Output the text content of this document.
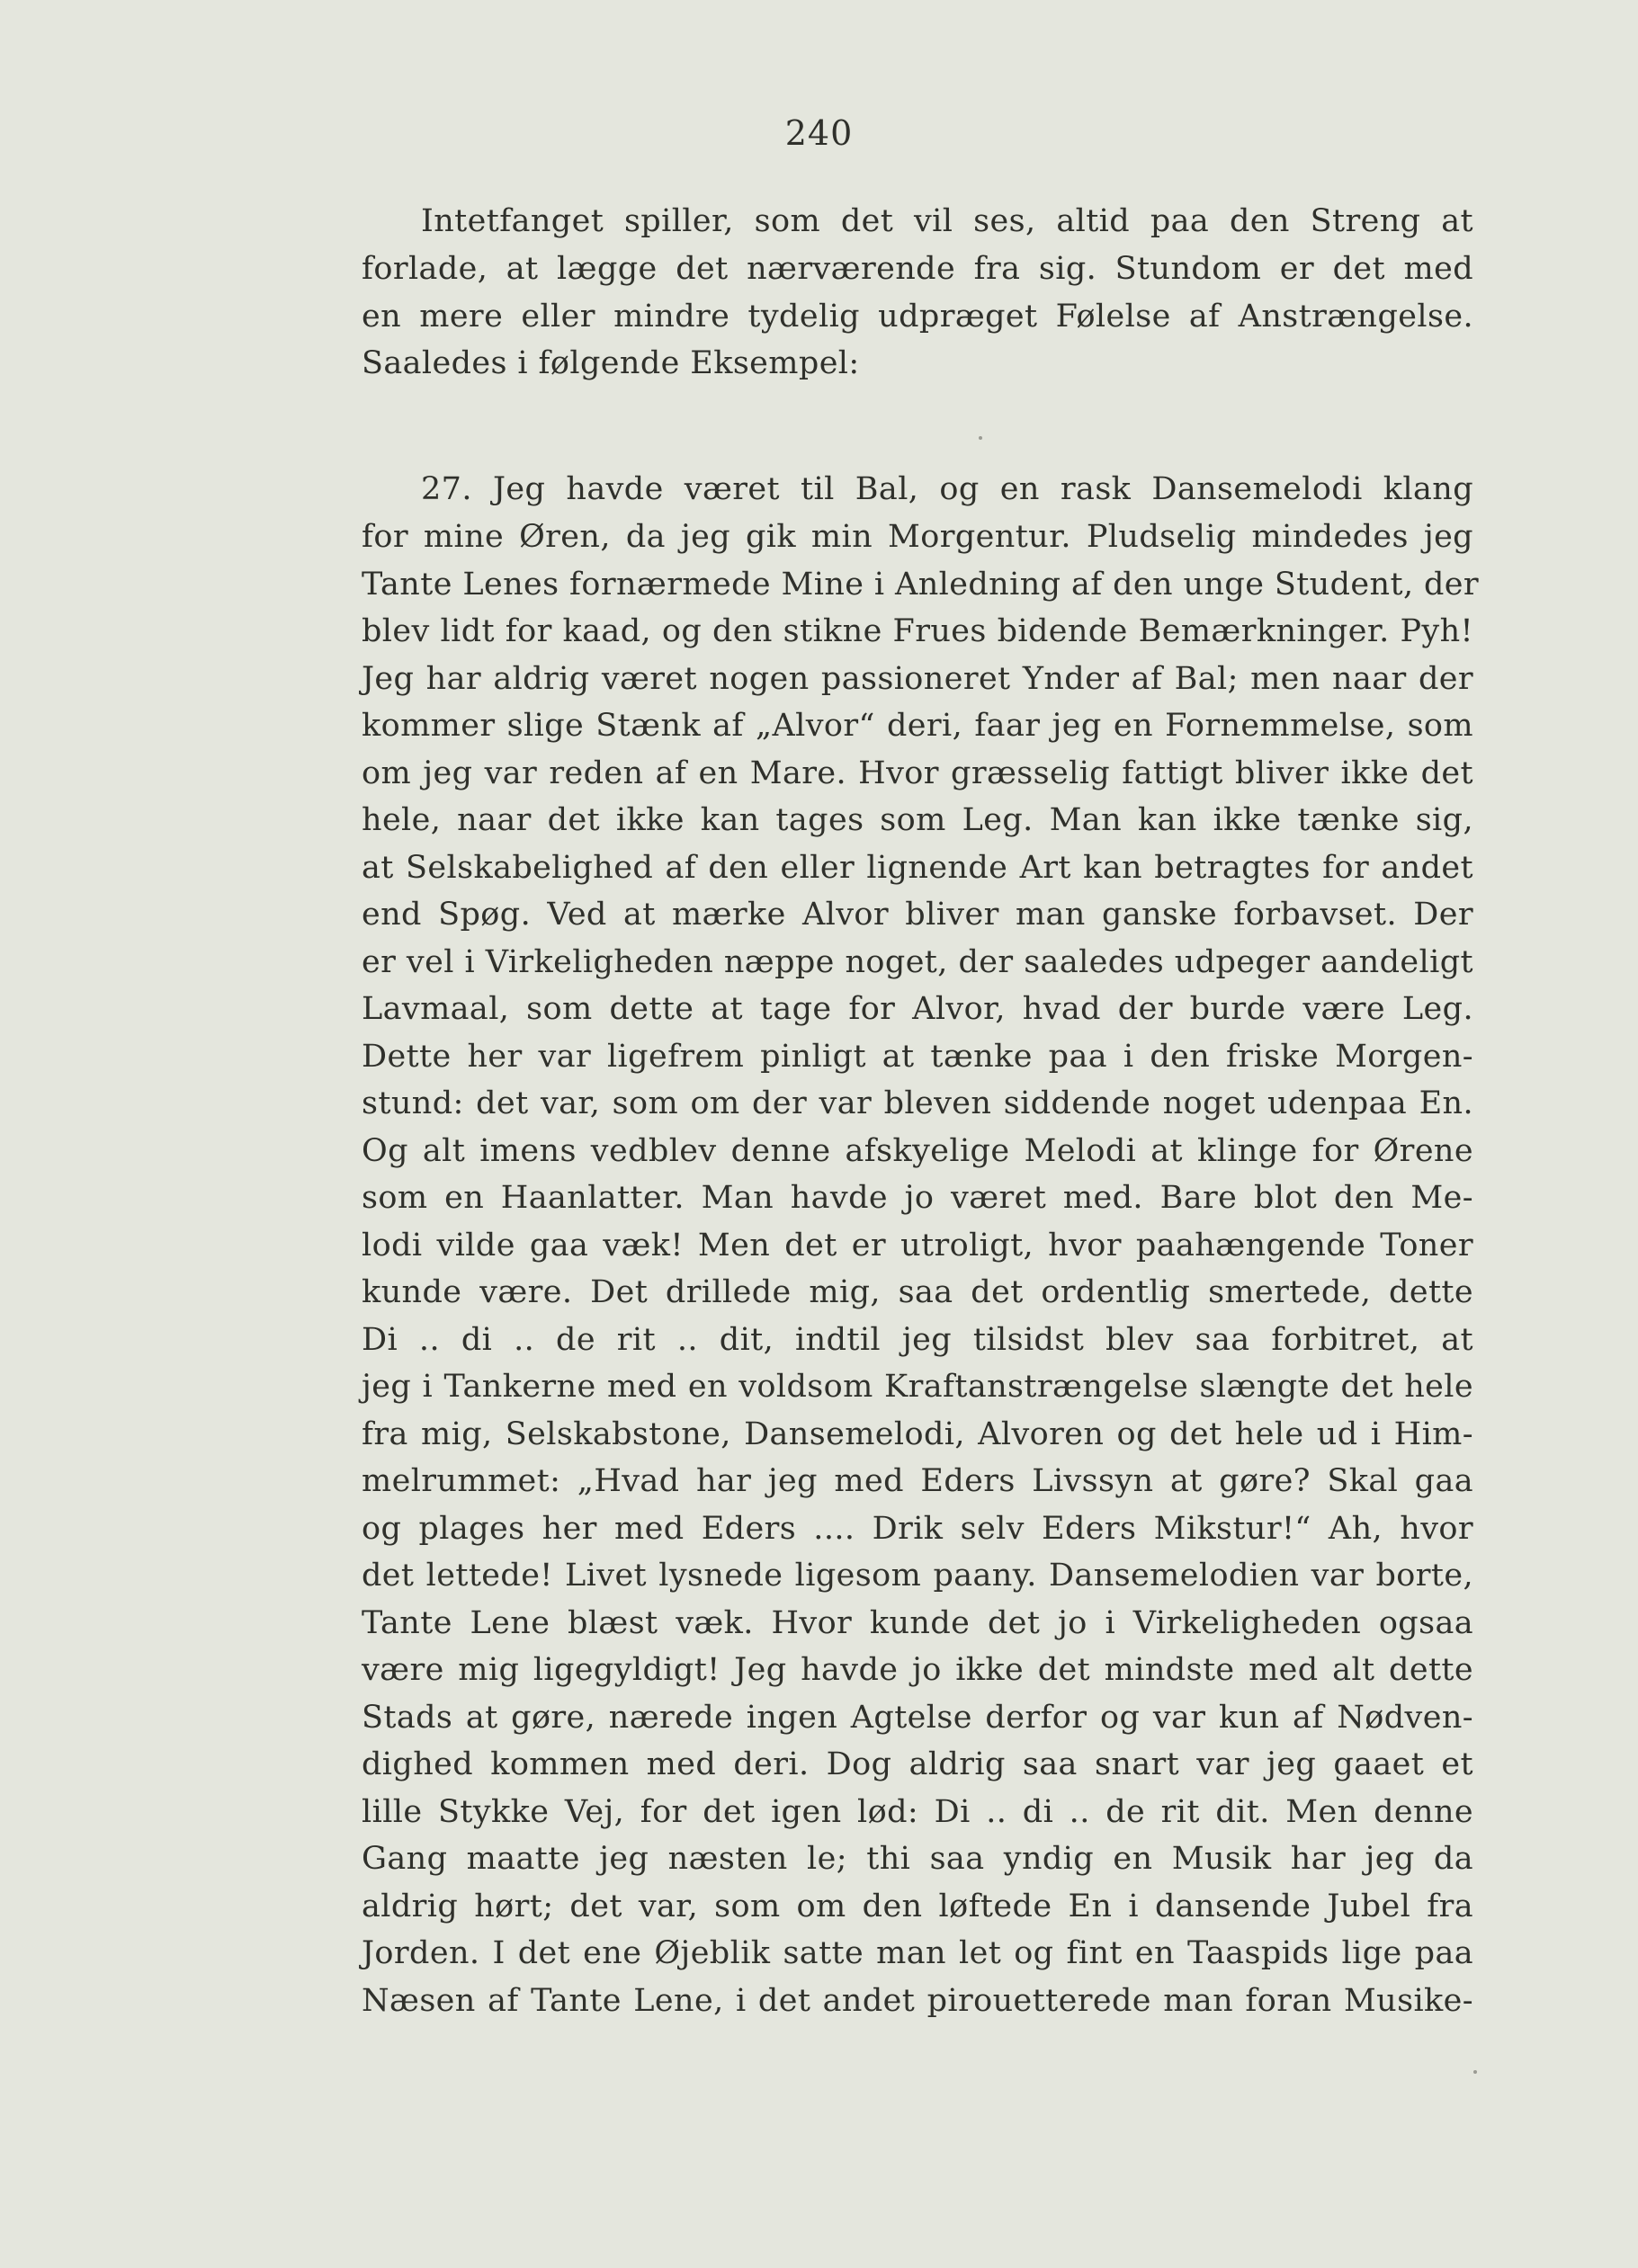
240
Intetfanget spiller, som det vil ses, altid paa den Streng at
forlade, at lægge det nærværende fra sig. Stundom er det med
en mere eller mindre tydelig udpræget Følelse af Anstrængelse.
Saaledes i følgende Eksempel:
27. Jeg havde været til Bal, og en rask Dansemelodi klang
for mine Øren, da jeg gik min Morgentur. Pludselig mindedes jeg
Tante Lenes fornærmede Mine i Anledning af den unge Student, der
blev lidt for kaad, og den stikne Frues bidende Bemærkninger. Pyh!
Jeg har aldrig været nogen passioneret Ynder af Bal; men naar der
kommer slige Stænk af „Alvor“ deri, faar jeg en Fornemmelse, som
om jeg var reden af en Mare. Hvor græsselig fattigt bliver ikke det
hele, naar det ikke kan tages som Leg. Man kan ikke tænke sig,
at Selskabelighed af den eller lignende Art kan betragtes for andet
end Spøg. Ved at mærke Alvor bliver man ganske forbavset. Der
er vel i Virkeligheden næppe noget, der saaledes udpeger aandeligt
Lavmaal, som dette at tage for Alvor, hvad der burde være Leg.
Dette her var ligefrem pinligt at tænke paa i den friske Morgen-
stund: det var, som om der var bleven siddende noget udenpaa En.
Og alt imens vedblev denne afskyelige Melodi at klinge for Ørene
som en Haanlatter. Man havde jo været med. Bare blot den Me-
lodi vilde gaa væk! Men det er utroligt, hvor paahængende Toner
kunde være. Det drillede mig, saa det ordentlig smertede, dette
Di .. di .. de rit .. dit, indtil jeg tilsidst blev saa forbitret, at
jeg i Tankerne med en voldsom Kraftanstrængelse slængte det hele
fra mig, Selskabstone, Dansemelodi, Alvoren og det hele ud i Him-
melrummet: „Hvad har jeg med Eders Livssyn at gøre? Skal gaa
og plages her med Eders .... Drik selv Eders Mikstur!“ Ah, hvor
det lettede! Livet lysnede ligesom paany. Dansemelodien var borte,
Tante Lene blæst væk. Hvor kunde det jo i Virkeligheden ogsaa
være mig ligegyldigt! Jeg havde jo ikke det mindste med alt dette
Stads at gøre, nærede ingen Agtelse derfor og var kun af Nødven-
dighed kommen med deri. Dog aldrig saa snart var jeg gaaet et
lille Stykke Vej, for det igen lød: Di .. di .. de rit dit. Men denne
Gang maatte jeg næsten le; thi saa yndig en Musik har jeg da
aldrig hørt; det var, som om den løftede En i dansende Jubel fra
Jorden. I det ene Øjeblik satte man let og fint en Taaspids lige paa
Næsen af Tante Lene, i det andet pirouetterede man foran Musike-
